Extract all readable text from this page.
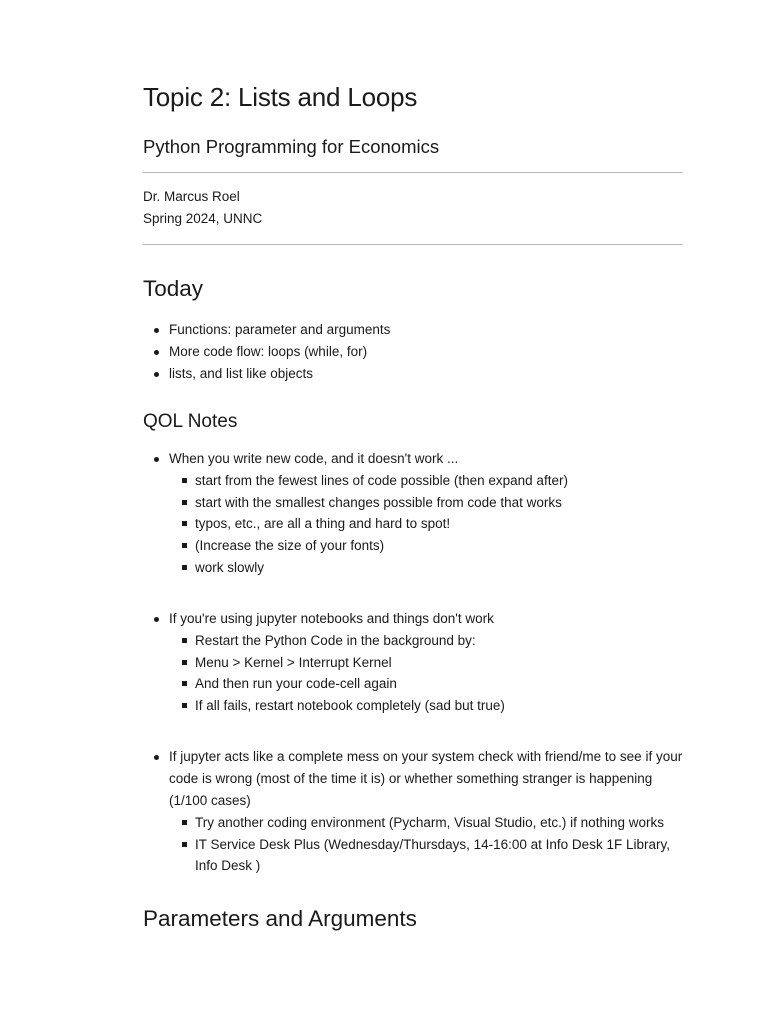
Topic 2: Lists and Loops
Python Programming for Economics

Dr. Marcus Roel

Spring 2024, UNNC

Today
Functions: parameter and arguments
More code flow: loops (while, for)
lists, and list like objects
QOL Notes
When you write new code, and it doesn't work ...
start from the fewest lines of code possible (then expand after)
start with the smallest changes possible from code that works
typos, etc., are all a thing and hard to spot!
(Increase the size of your fonts)
work slowly
If you're using jupyter notebooks and things don't work
Restart the Python Code in the background by:
Menu > Kernel > Interrupt Kernel
And then run your code-cell again
If all fails, restart notebook completely (sad but true)
If jupyter acts like a complete mess on your system check with friend/me to see if your code is wrong (most of the time it is) or whether something stranger is happening (1/100 cases)
Try another coding environment (Pycharm, Visual Studio, etc.) if nothing works
IT Service Desk Plus (Wednesday/Thursdays, 14-16:00 at Info Desk 1F Library, Info Desk )
Parameters and Arguments
